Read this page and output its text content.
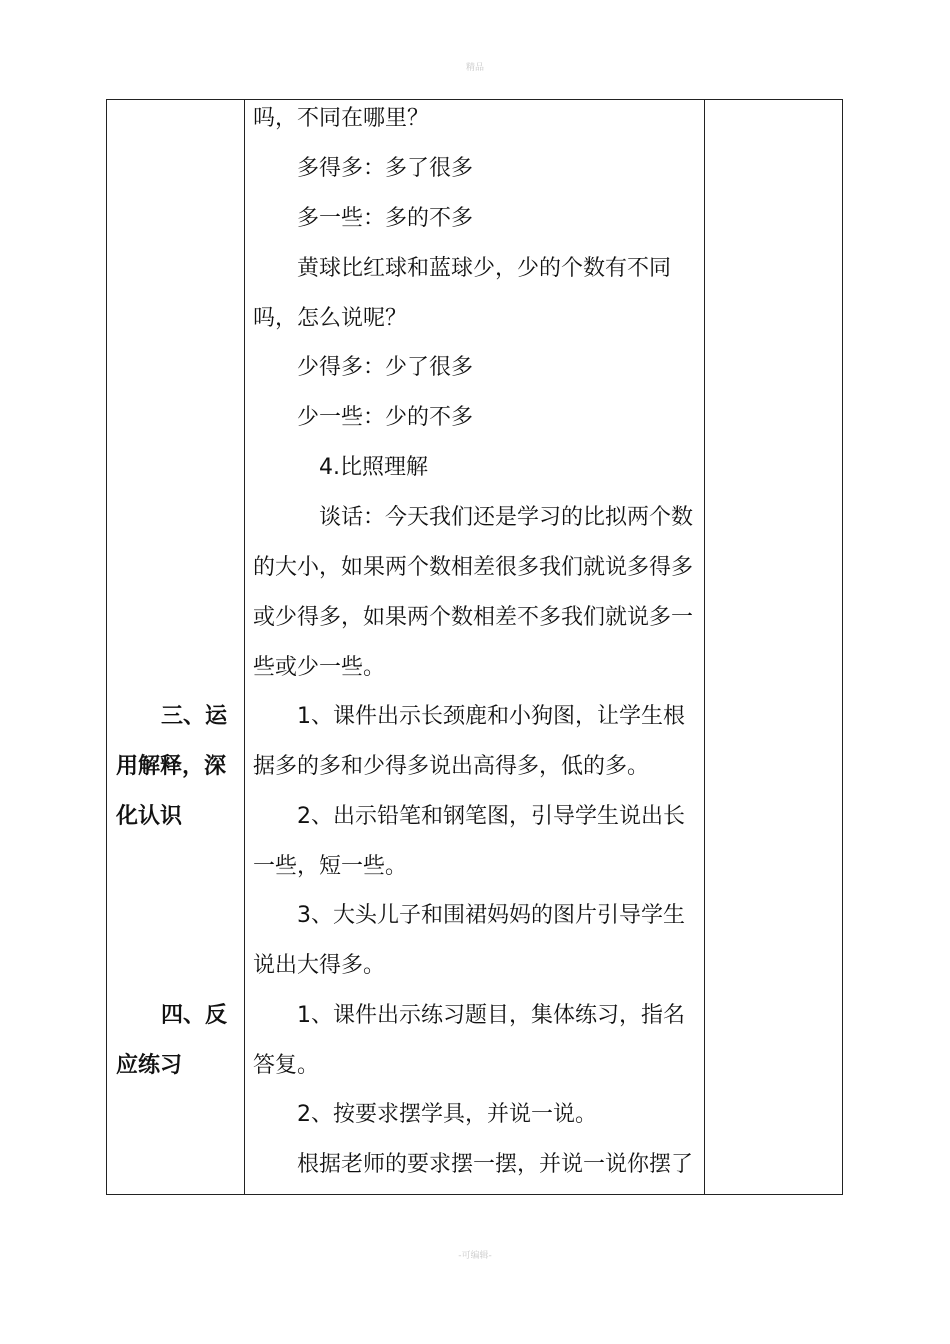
精品
三、运
用解释，深
化认识
四、反
应练习
吗，不同在哪里？
多得多：多了很多
多一些：多的不多
黄球比红球和蓝球少，少的个数有不同
吗，怎么说呢？
少得多：少了很多
少一些：少的不多
4.比照理解
谈话：今天我们还是学习的比拟两个数
的大小，如果两个数相差很多我们就说多得多
或少得多，如果两个数相差不多我们就说多一
些或少一些。
1、课件出示长颈鹿和小狗图，让学生根
据多的多和少得多说出高得多，低的多。
2、出示铅笔和钢笔图，引导学生说出长
一些，短一些。
3、大头儿子和围裙妈妈的图片引导学生
说出大得多。
1、课件出示练习题目，集体练习，指名
答复。
2、按要求摆学具，并说一说。
根据老师的要求摆一摆，并说一说你摆了
-可编辑-
